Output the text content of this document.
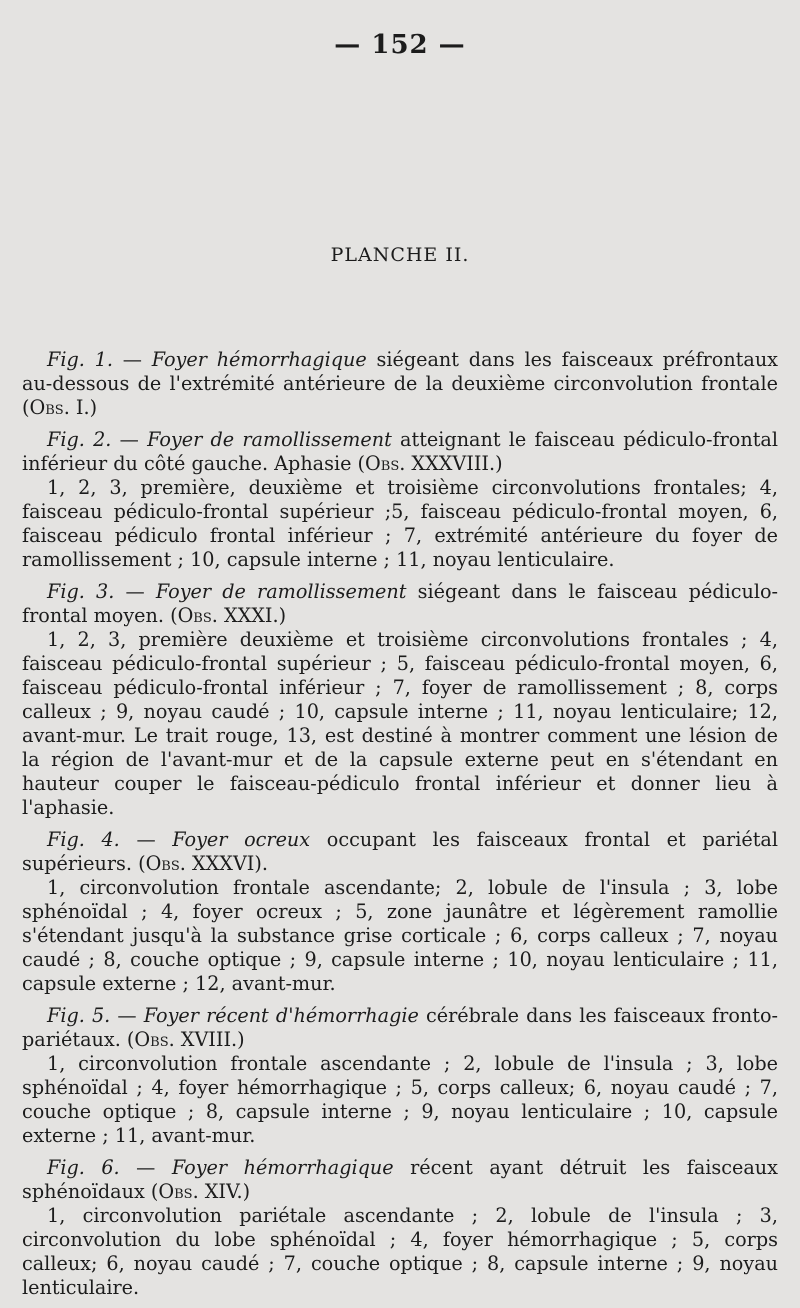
— 152 —
PLANCHE II.

Fig. 1. — Foyer hémorrhagique siégeant dans les faisceaux préfrontaux au-dessous de l'extrémité antérieure de la deuxième circonvolution frontale (Obs. I.)

Fig. 2. — Foyer de ramollissement atteignant le faisceau pédiculo-frontal inférieur du côté gauche. Aphasie (Obs. XXXVIII.)

1, 2, 3, première, deuxième et troisième circonvolutions frontales; 4, faisceau pédiculo-frontal supérieur ;5, faisceau pédiculo-frontal moyen, 6, faisceau pédiculo frontal inférieur ; 7, extrémité antérieure du foyer de ramollissement ; 10, capsule interne ; 11, noyau lenticulaire.

Fig. 3. — Foyer de ramollissement siégeant dans le faisceau pédiculo-frontal moyen. (Obs. XXXI.)

1, 2, 3, première deuxième et troisième circonvolutions frontales ; 4, faisceau pédiculo-frontal supérieur ; 5, faisceau pédiculo-frontal moyen, 6, faisceau pédiculo-frontal inférieur ; 7, foyer de ramollissement ; 8, corps calleux ; 9, noyau caudé ; 10, capsule interne ; 11, noyau lenticulaire; 12, avant-mur. Le trait rouge, 13, est destiné à montrer comment une lésion de la région de l'avant-mur et de la capsule externe peut en s'étendant en hauteur couper le faisceau-pédiculo frontal inférieur et donner lieu à l'aphasie.

Fig. 4. — Foyer ocreux occupant les faisceaux frontal et pariétal supérieurs. (Obs. XXXVI).

1, circonvolution frontale ascendante; 2, lobule de l'insula ; 3, lobe sphénoïdal ; 4, foyer ocreux ; 5, zone jaunâtre et légèrement ramollie s'étendant jusqu'à la substance grise corticale ; 6, corps calleux ; 7, noyau caudé ; 8, couche optique ; 9, capsule interne ; 10, noyau lenticulaire ; 11, capsule externe ; 12, avant-mur.

Fig. 5. — Foyer récent d'hémorrhagie cérébrale dans les faisceaux fronto-pariétaux. (Obs. XVIII.)

1, circonvolution frontale ascendante ; 2, lobule de l'insula ; 3, lobe sphénoïdal ; 4, foyer hémorrhagique ; 5, corps calleux; 6, noyau caudé ; 7, couche optique ; 8, capsule interne ; 9, noyau lenticulaire ; 10, capsule externe ; 11, avant-mur.

Fig. 6. — Foyer hémorrhagique récent ayant détruit les faisceaux sphénoïdaux (Obs. XIV.)

1, circonvolution pariétale ascendante ; 2, lobule de l'insula ; 3, circonvolution du lobe sphénoïdal ; 4, foyer hémorrhagique ; 5, corps calleux; 6, noyau caudé ; 7, couche optique ; 8, capsule interne ; 9, noyau lenticulaire.
